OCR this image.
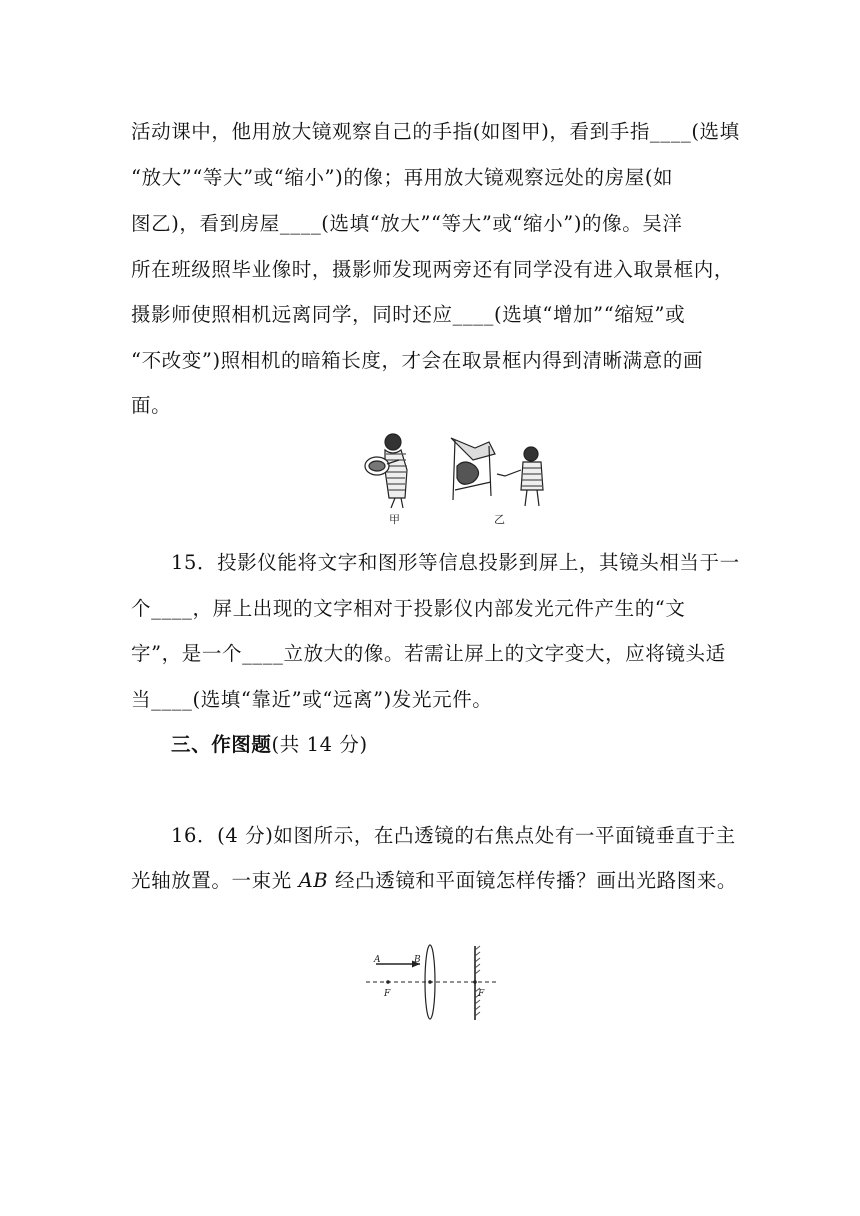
活动课中，他用放大镜观察自己的手指(如图甲)，看到手指____(选填
“放大”“等大”或“缩小”)的像；再用放大镜观察远处的房屋(如
图乙)，看到房屋____(选填“放大”“等大”或“缩小”)的像。吴洋
所在班级照毕业像时，摄影师发现两旁还有同学没有进入取景框内，
摄影师使照相机远离同学，同时还应____(选填“增加”“缩短”或
“不改变”)照相机的暗箱长度，才会在取景框内得到清晰满意的画
面。
甲	乙
15．投影仪能将文字和图形等信息投影到屏上，其镜头相当于一
个____，屏上出现的文字相对于投影仪内部发光元件产生的“文
字”，是一个____立放大的像。若需让屏上的文字变大，应将镜头适
当____(选填“靠近”或“远离”)发光元件。
三、作图题(共 14 分)
16．(4 分)如图所示，在凸透镜的右焦点处有一平面镜垂直于主
光轴放置。一束光 AB 经凸透镜和平面镜怎样传播？画出光路图来。
A	B
F	F
